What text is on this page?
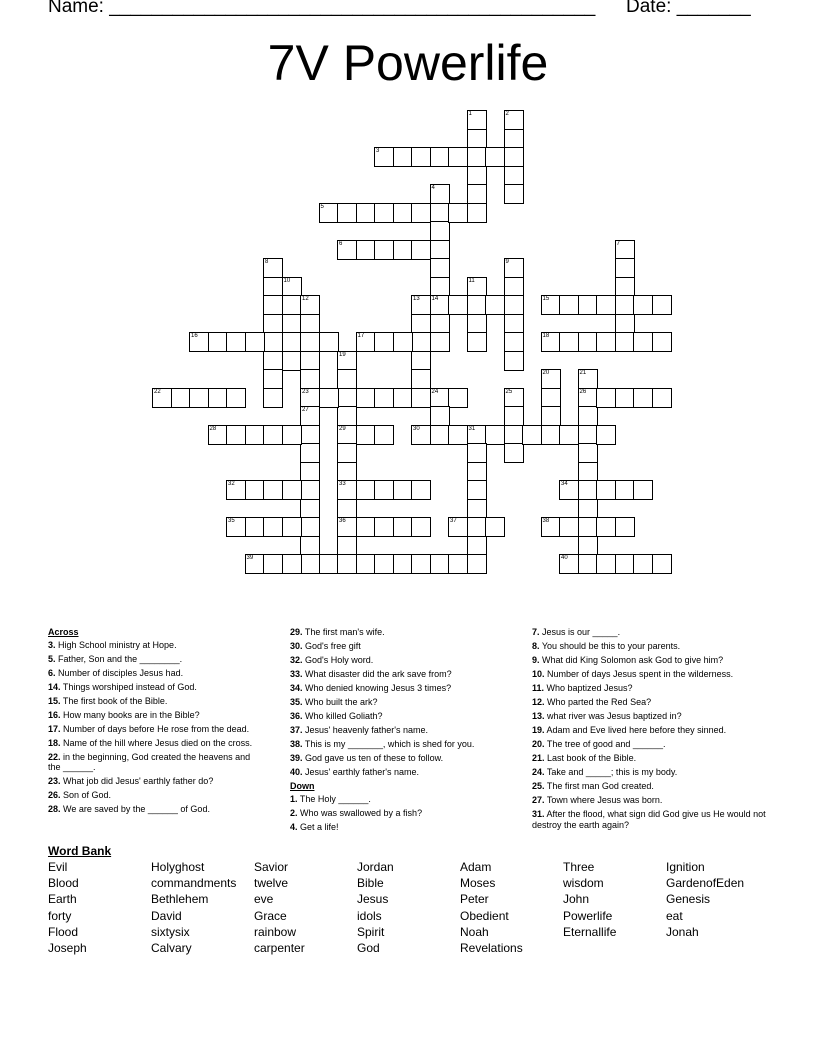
Name: ______________________________________________ Date: _______
7V Powerlife
1	2
3
4
14
5
6	7
8	9
10	11
12
23
13	15
16	17	18
19
29
33
36
20	21
26
22	24	25
27
28	30	31
32	34
35	37	38
39	40
Across
3. High School ministry at Hope.
5. Father, Son and the ________.
6. Number of disciples Jesus had.
14. Things worshiped instead of God.
15. The first book of the Bible.
16. How many books are in the Bible?
17. Number of days before He rose from the dead.
18. Name of the hill where Jesus died on the cross.
22. in the beginning, God created the heavens and the ______.
23. What job did Jesus' earthly father do?
26. Son of God.
28. We are saved by the ______ of God.
29. The first man's wife.
30. God's free gift
32. God's Holy word.
33. What disaster did the ark save from?
34. Who denied knowing Jesus 3 times?
35. Who built the ark?
36. Who killed Goliath?
37. Jesus' heavenly father's name.
38. This is my _______, which is shed for you.
39. God gave us ten of these to follow.
40. Jesus' earthly father's name.
Down
1. The Holy ______.
2. Who was swallowed by a fish?
4. Get a life!
7. Jesus is our _____.
8. You should be this to your parents.
9. What did King Solomon ask God to give him?
10. Number of days Jesus spent in the wilderness.
11. Who baptized Jesus?
12. Who parted the Red Sea?
13. what river was Jesus baptized in?
19. Adam and Eve lived here before they sinned.
20. The tree of good and ______.
21. Last book of the Bible.
24. Take and _____; this is my body.
25. The first man God created.
27. Town where Jesus was born.
31. After the flood, what sign did God give us He would not destroy the earth again?
Word Bank
Evil	Holyghost	Savior	Jordan	Adam	Three	Ignition
Blood	commandments	twelve	Bible	Moses	wisdom	GardenofEden
Earth	Bethlehem	eve	Jesus	Peter	John	Genesis
forty	David	Grace	idols	Obedient	Powerlife	eat
Flood	sixtysix	rainbow	Spirit	Noah	Eternallife	Jonah
Joseph	Calvary	carpenter	God	Revelations
